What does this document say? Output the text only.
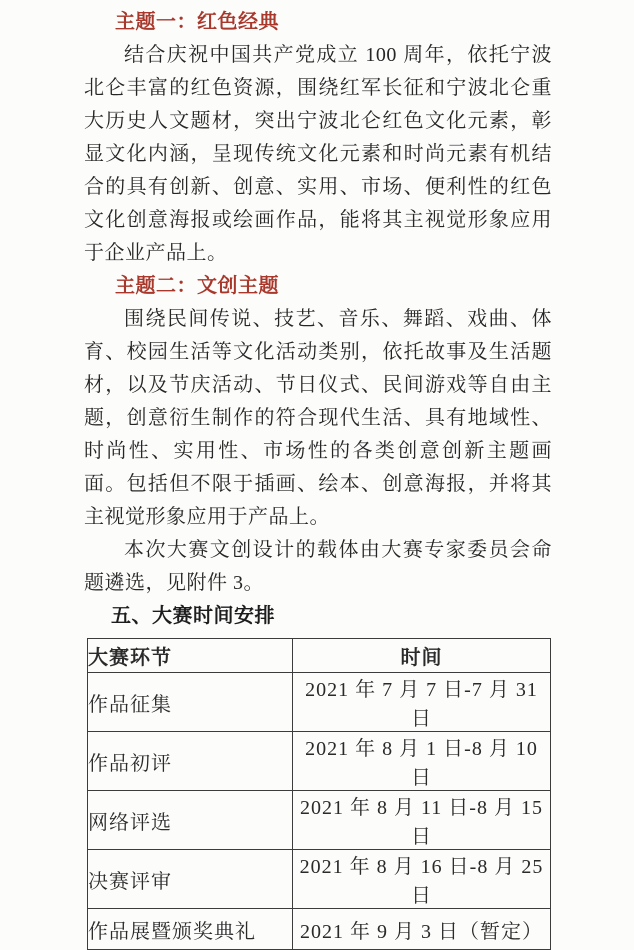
主题一：红色经典

结合庆祝中国共产党成立 100 周年，依托宁波北仑丰富的红色资源，围绕红军长征和宁波北仑重大历史人文题材，突出宁波北仑红色文化元素，彰显文化内涵，呈现传统文化元素和时尚元素有机结合的具有创新、创意、实用、市场、便利性的红色文化创意海报或绘画作品，能将其主视觉形象应用于企业产品上。

主题二：文创主题

围绕民间传说、技艺、音乐、舞蹈、戏曲、体育、校园生活等文化活动类别，依托故事及生活题材，以及节庆活动、节日仪式、民间游戏等自由主题，创意衍生制作的符合现代生活、具有地域性、时尚性、实用性、市场性的各类创意创新主题画面。包括但不限于插画、绘本、创意海报，并将其主视觉形象应用于产品上。

本次大赛文创设计的载体由大赛专家委员会命题遴选，见附件 3。

五、大赛时间安排

大赛环节	时间
作品征集	2021 年 7 月 7 日-7 月 31 日
作品初评	2021 年 8 月 1 日-8 月 10 日
网络评选	2021 年 8 月 11 日-8 月 15 日
决赛评审	2021 年 8 月 16 日-8 月 25 日
作品展暨颁奖典礼	2021 年 9 月 3 日（暂定）
